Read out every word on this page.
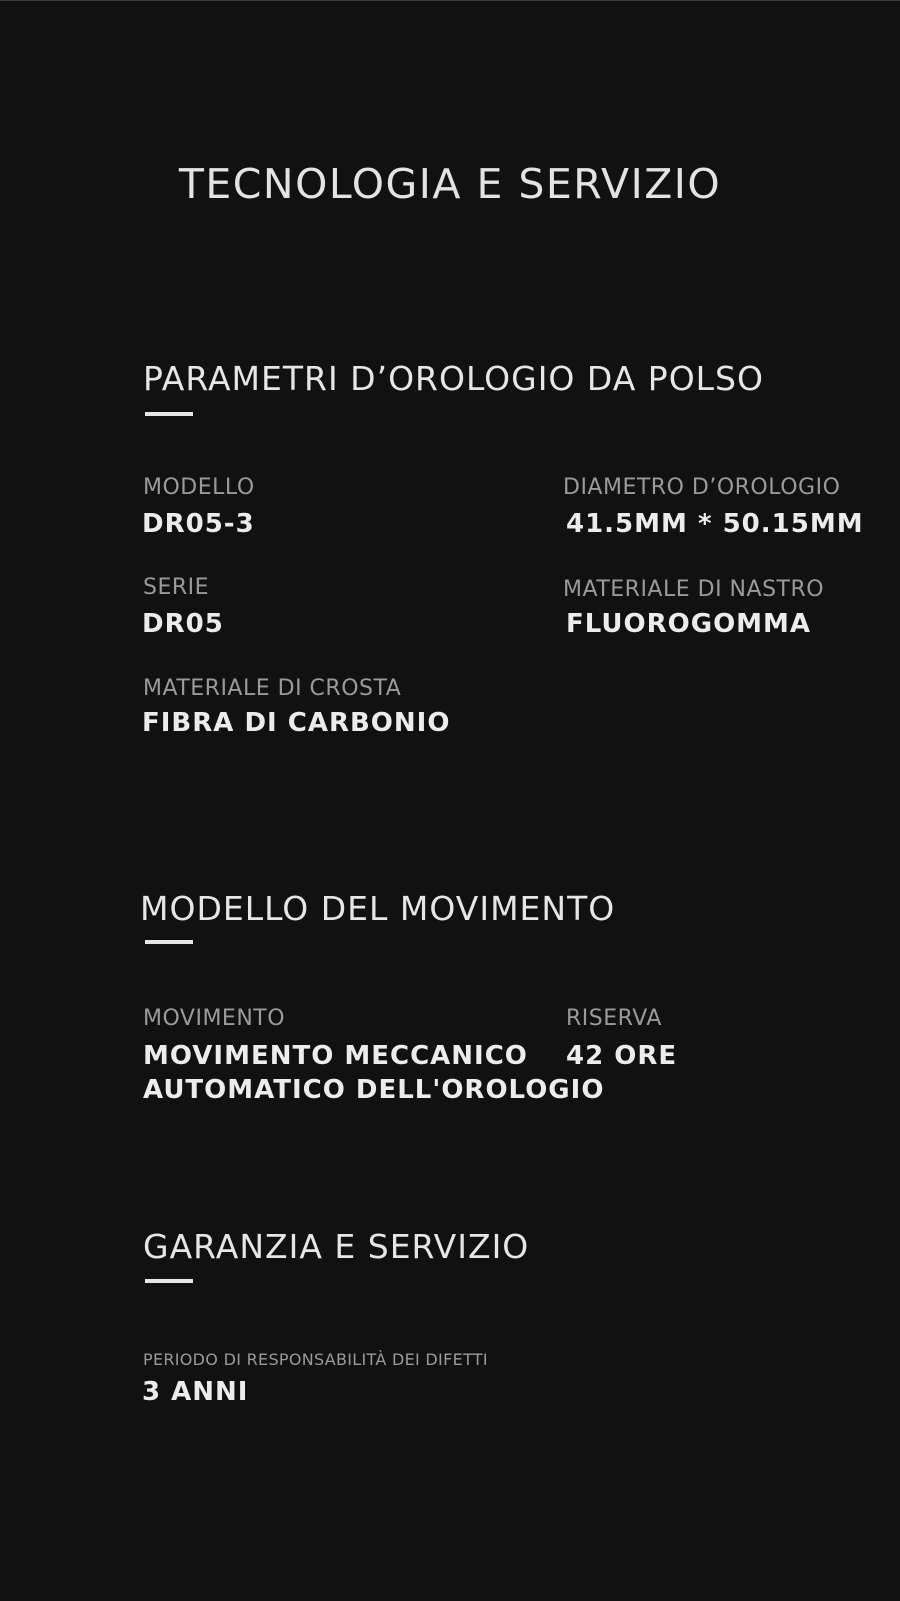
TECNOLOGIA E SERVIZIO
PARAMETRI D’OROLOGIO DA POLSO
MODELLO
DR05-3
DIAMETRO D’OROLOGIO
41.5MM * 50.15MM
SERIE
DR05
MATERIALE DI NASTRO
FLUOROGOMMA
MATERIALE DI CROSTA
FIBRA DI CARBONIO
MODELLO DEL MOVIMENTO
MOVIMENTO
MOVIMENTO MECCANICO
AUTOMATICO DELL'OROLOGIO
RISERVA
42 ORE
GARANZIA E SERVIZIO
PERIODO DI RESPONSABILITÀ DEI DIFETTI
3 ANNI
